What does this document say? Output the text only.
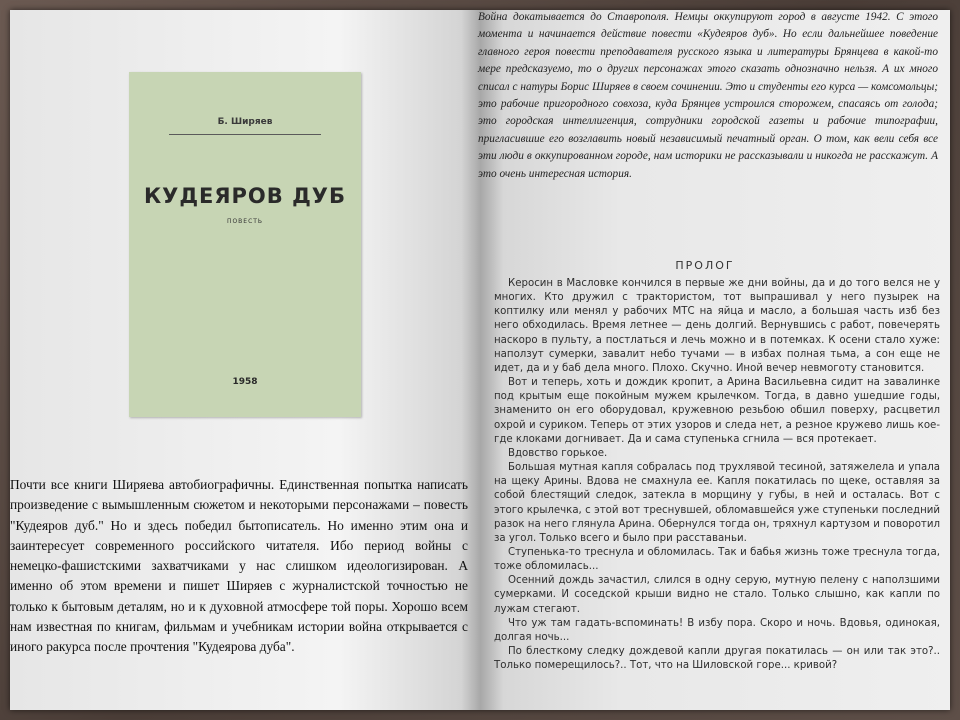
Б. Ширяев
КУДЕЯРОВ ДУБ
ПОВЕСТЬ
1958
Почти все книги Ширяева автобиографичны. Единственная попытка написать произведение с вымышленным сюжетом и некоторыми персонажами – повесть "Кудеяров дуб." Но и здесь победил бытописатель. Но именно этим она и заинтересует современного российского читателя. Ибо период войны с немецко-фашистскими захватчиками у нас слишком идеологизирован. А именно об этом времени и пишет Ширяев с журналистской точностью не только к бытовым деталям, но и к духовной атмосфере той поры. Хорошо всем нам известная по книгам, фильмам и учебникам истории война открывается с иного ракурса после прочтения "Кудеярова дуба".
Война докатывается до Ставрополя. Немцы оккупируют город в августе 1942. С этого момента и начинается действие повести «Кудеяров дуб». Но если дальнейшее поведение главного героя повести преподавателя русского языка и литературы Брянцева в какой-то мере предсказуемо, то о других персонажах этого сказать однозначно нельзя. А их много списал с натуры Борис Ширяев в своем сочинении. Это и студенты его курса — комсомольцы; это рабочие пригородного совхоза, куда Брянцев устроился сторожем, спасаясь от голода; это городская интеллигенция, сотрудники городской газеты и рабочие типографии, пригласившие его возглавить новый независимый печатный орган. О том, как вели себя все эти люди в оккупированном городе, нам историки не рассказывали и никогда не расскажут. А это очень интересная история.
ПРОЛОГ

Керосин в Масловке кончился в первые же дни войны, да и до того велся не у многих. Кто дружил с трактористом, тот выпрашивал у него пузырек на коптилку или менял у рабочих МТС на яйца и масло, а большая часть изб без него обходилась. Время летнее — день долгий. Вернувшись с работ, повечерять наскоро в пульту, а постлаться и лечь можно и в потемках. К осени стало хуже: наползут сумерки, завалит небо тучами — в избах полная тьма, а сон еще не идет, да и у баб дела много. Плохо. Скучно. Иной вечер невмоготу становится.

Вот и теперь, хоть и дождик кропит, а Арина Васильевна сидит на завалинке под крытым еще покойным мужем крылечком. Тогда, в давно ушедшие годы, знаменито он его оборудовал, кружевною резьбою обшил поверху, расцветил охрой и суриком. Теперь от этих узоров и следа нет, а резное кружево лишь кое-где клоками догнивает. Да и сама ступенька сгнила — вся протекает.

Вдовство горькое.

Большая мутная капля собралась под трухлявой тесиной, затяжелела и упала на щеку Арины. Вдова не смахнула ее. Капля покатилась по щеке, оставляя за собой блестящий следок, затекла в морщину у губы, в ней и осталась. Вот с этого крылечка, с этой вот треснувшей, обломавшейся уже ступеньки последний разок на него глянула Арина. Обернулся тогда он, тряхнул картузом и поворотил за угол. Только всего и было при расставаньи.

Ступенька-то треснула и обломилась. Так и бабья жизнь тоже треснула тогда, тоже обломилась...

Осенний дождь зачастил, слился в одну серую, мутную пелену с наползшими сумерками. И соседской крыши видно не стало. Только слышно, как капли по лужам стегают.

Что уж там гадать-вспоминать! В избу пора. Скоро и ночь. Вдовья, одинокая, долгая ночь...

По блесткому следку дождевой капли другая покатилась — он или так это?.. Только померещилось?.. Тот, что на Шиловской горе... кривой?
